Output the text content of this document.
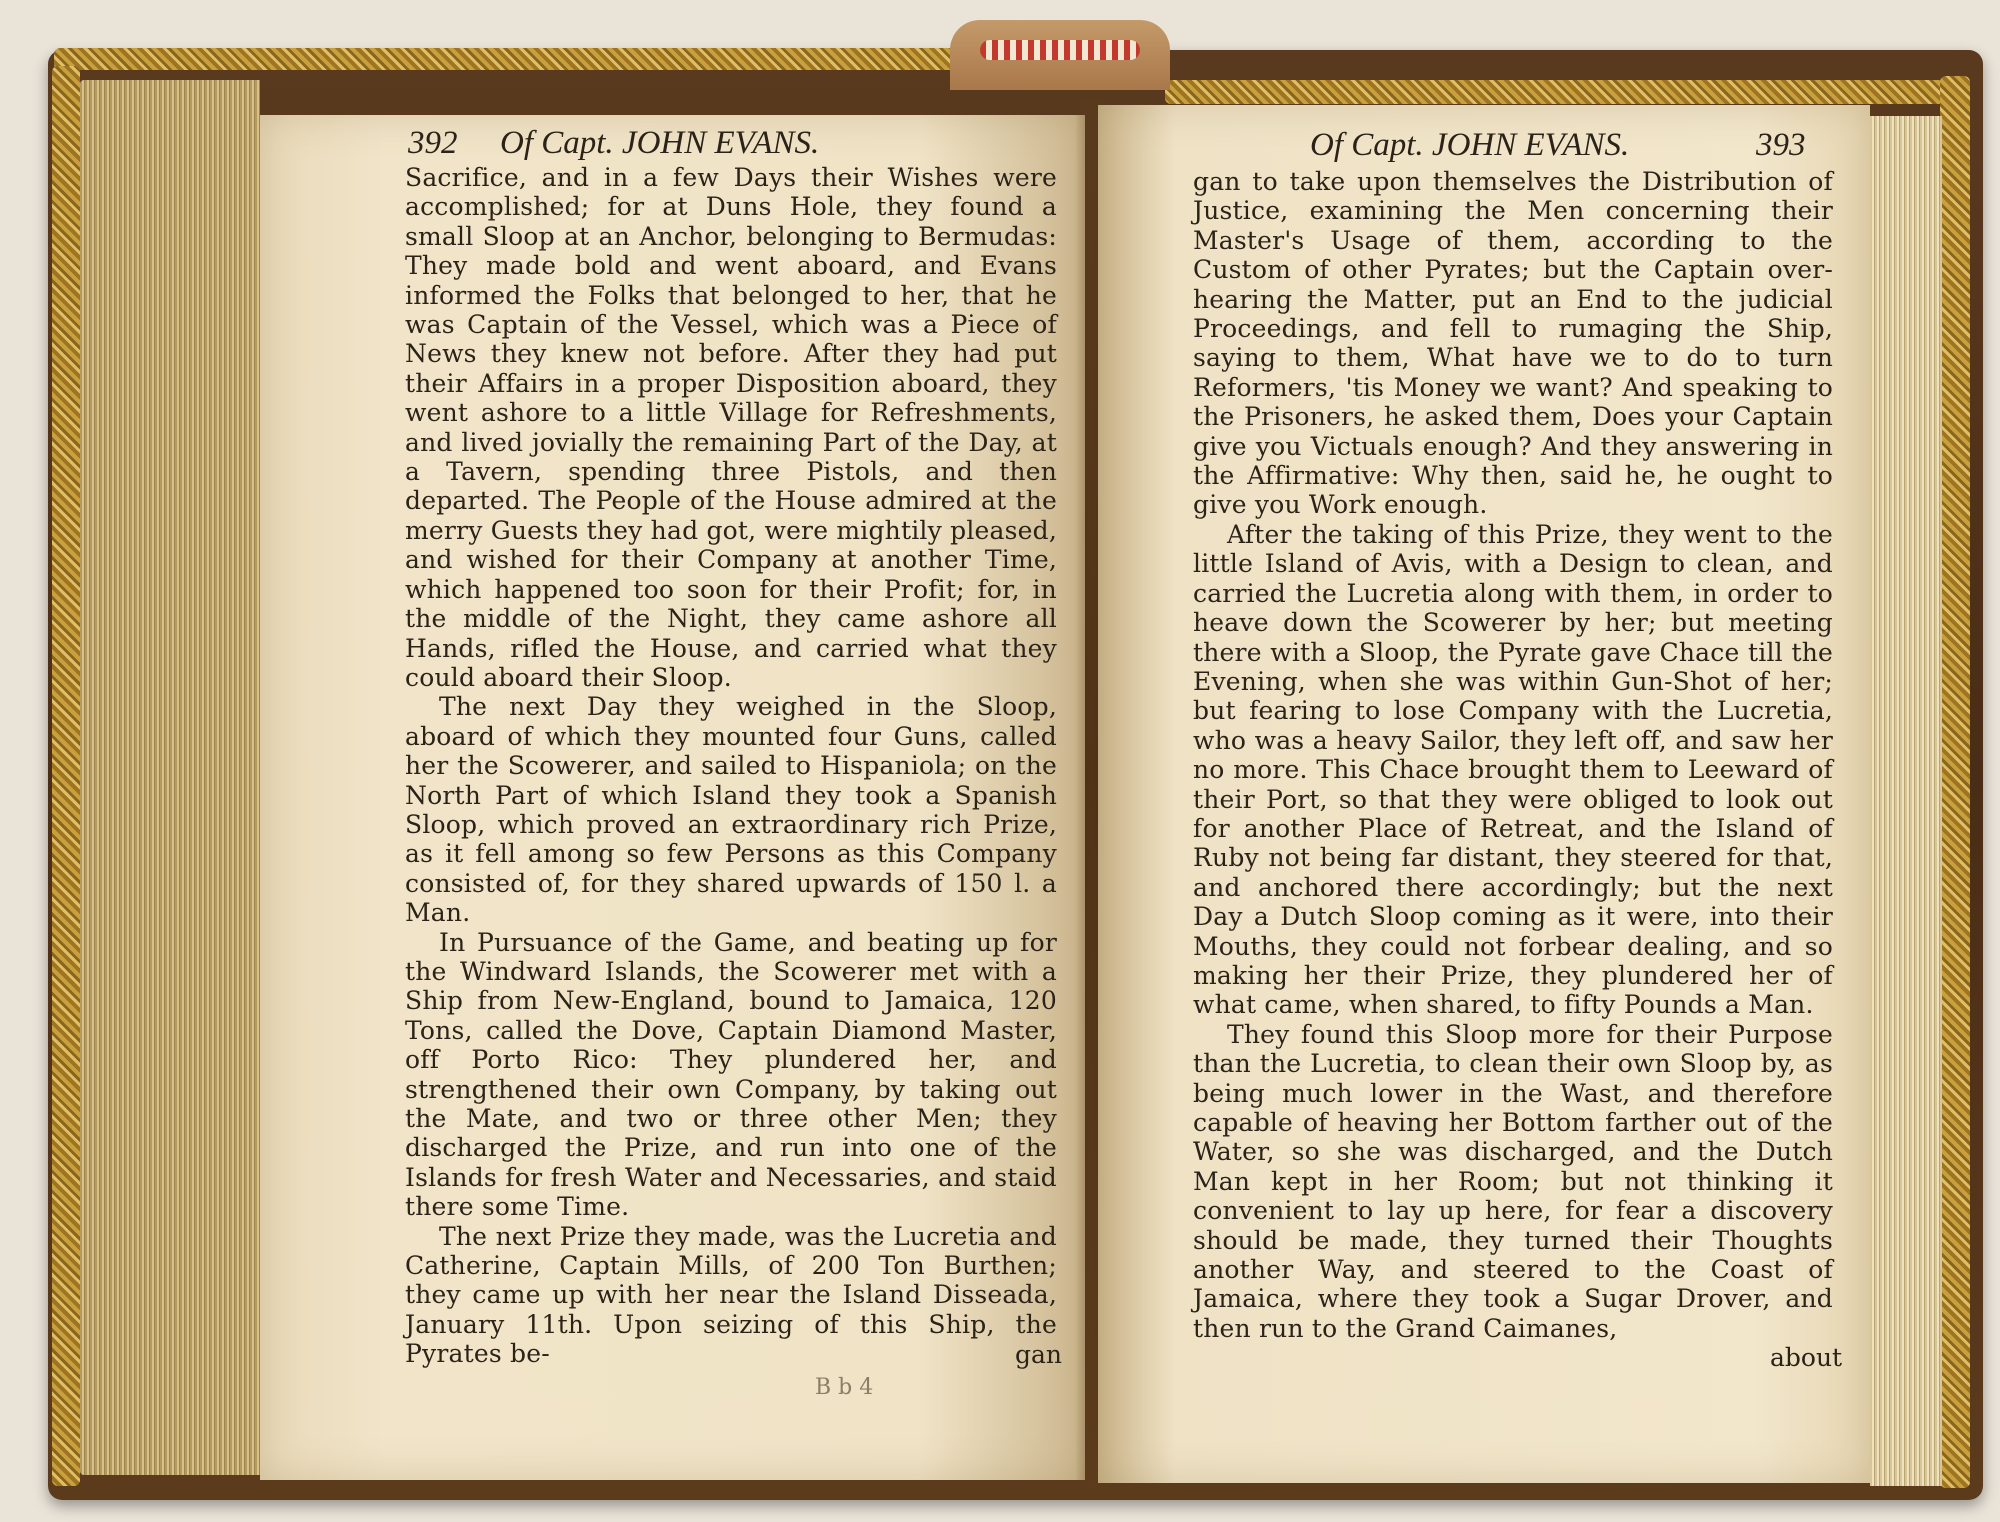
392 Of Capt. JOHN EVANS.

Sacrifice, and in a few Days their Wishes were accomplished; for at Duns Hole, they found a small Sloop at an Anchor, belonging to Bermudas: They made bold and went aboard, and Evans informed the Folks that belonged to her, that he was Captain of the Vessel, which was a Piece of News they knew not before. After they had put their Affairs in a proper Disposition aboard, they went ashore to a little Village for Refreshments, and lived jovially the remaining Part of the Day, at a Tavern, spending three Pistols, and then departed. The People of the House admired at the merry Guests they had got, were mightily pleased, and wished for their Company at another Time, which happened too soon for their Profit; for, in the middle of the Night, they came ashore all Hands, rifled the House, and carried what they could aboard their Sloop.

The next Day they weighed in the Sloop, aboard of which they mounted four Guns, called her the Scowerer, and sailed to Hispaniola; on the North Part of which Island they took a Spanish Sloop, which proved an extraordinary rich Prize, as it fell among so few Persons as this Company consisted of, for they shared upwards of 150 l. a Man.

In Pursuance of the Game, and beating up for the Windward Islands, the Scowerer met with a Ship from New-England, bound to Jamaica, 120 Tons, called the Dove, Captain Diamond Master, off Porto Rico: They plundered her, and strengthened their own Company, by taking out the Mate, and two or three other Men; they discharged the Prize, and run into one of the Islands for fresh Water and Necessaries, and staid there some Time.

The next Prize they made, was the Lucretia and Catherine, Captain Mills, of 200 Ton Burthen; they came up with her near the Island Disseada, January 11th. Upon seizing of this Ship, the Pyrates be-

B b 4
gan
Of Capt. JOHN EVANS.	393

gan to take upon themselves the Distribution of Justice, examining the Men concerning their Master's Usage of them, according to the Custom of other Pyrates; but the Captain over-hearing the Matter, put an End to the judicial Proceedings, and fell to rumaging the Ship, saying to them, What have we to do to turn Reformers, 'tis Money we want? And speaking to the Prisoners, he asked them, Does your Captain give you Victuals enough? And they answering in the Affirmative: Why then, said he, he ought to give you Work enough.

After the taking of this Prize, they went to the little Island of Avis, with a Design to clean, and carried the Lucretia along with them, in order to heave down the Scowerer by her; but meeting there with a Sloop, the Pyrate gave Chace till the Evening, when she was within Gun-Shot of her; but fearing to lose Company with the Lucretia, who was a heavy Sailor, they left off, and saw her no more. This Chace brought them to Leeward of their Port, so that they were obliged to look out for another Place of Retreat, and the Island of Ruby not being far distant, they steered for that, and anchored there accordingly; but the next Day a Dutch Sloop coming as it were, into their Mouths, they could not forbear dealing, and so making her their Prize, they plundered her of what came, when shared, to fifty Pounds a Man.

They found this Sloop more for their Purpose than the Lucretia, to clean their own Sloop by, as being much lower in the Wast, and therefore capable of heaving her Bottom farther out of the Water, so she was discharged, and the Dutch Man kept in her Room; but not thinking it convenient to lay up here, for fear a discovery should be made, they turned their Thoughts another Way, and steered to the Coast of Jamaica, where they took a Sugar Drover, and then run to the Grand Caimanes,

about
